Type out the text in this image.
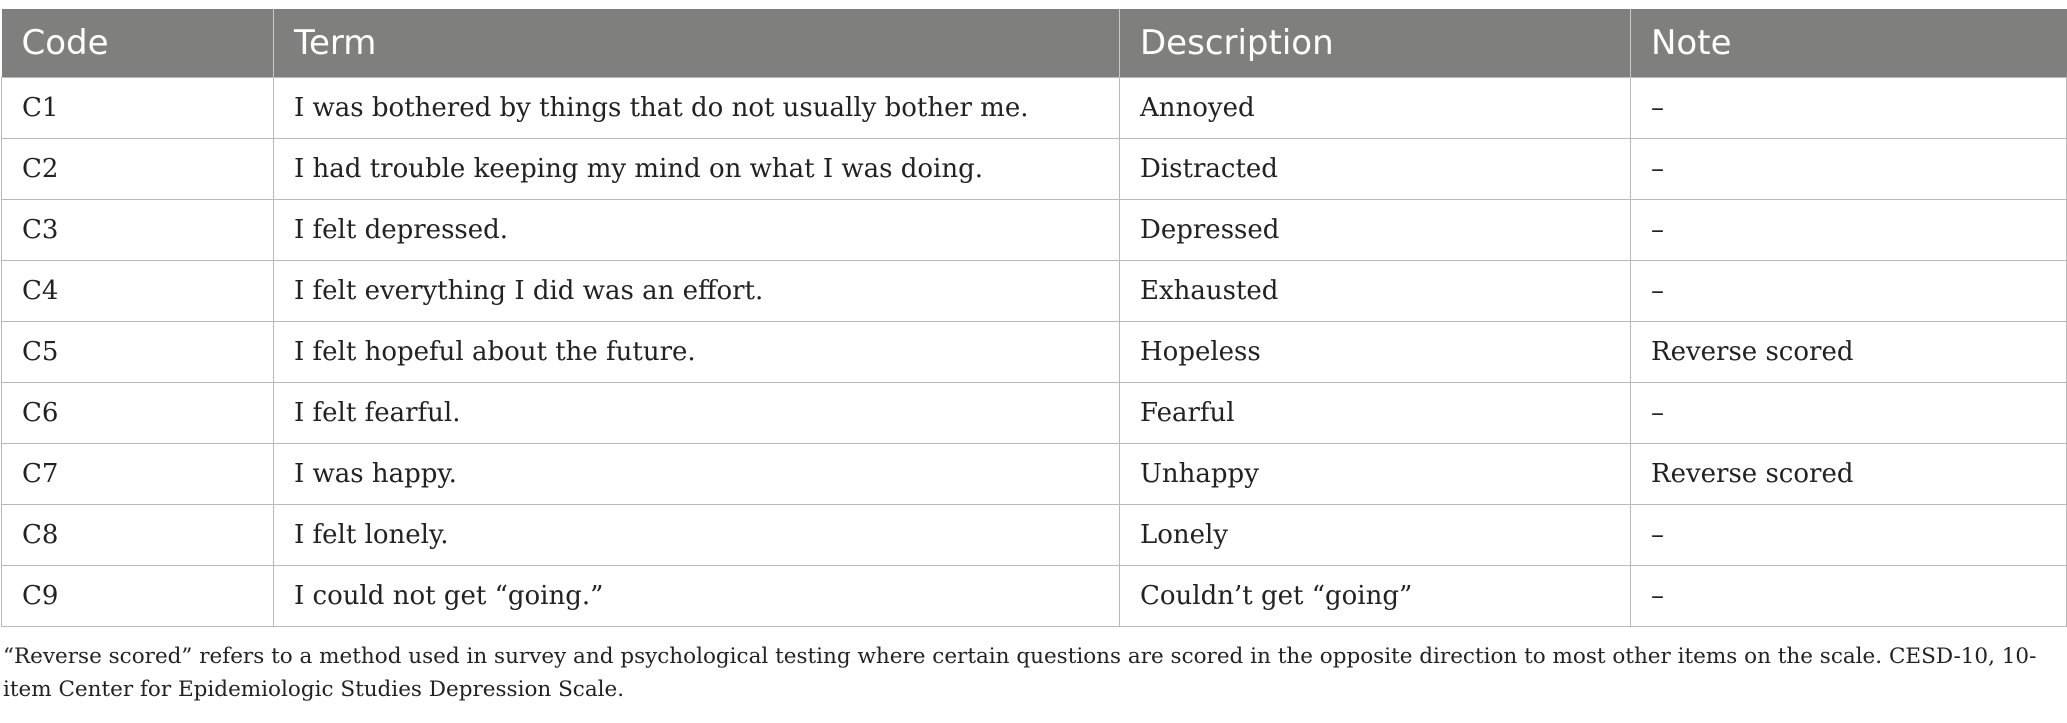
Code	Term	Description	Note
C1	I was bothered by things that do not usually bother me.	Annoyed	–
C2	I had trouble keeping my mind on what I was doing.	Distracted	–
C3	I felt depressed.	Depressed	–
C4	I felt everything I did was an effort.	Exhausted	–
C5	I felt hopeful about the future.	Hopeless	Reverse scored
C6	I felt fearful.	Fearful	–
C7	I was happy.	Unhappy	Reverse scored
C8	I felt lonely.	Lonely	–
C9	I could not get “going.”	Couldn’t get “going”	–
“Reverse scored” refers to a method used in survey and psychological testing where certain questions are scored in the opposite direction to most other items on the scale. CESD-10, 10-item Center for Epidemiologic Studies Depression Scale.
